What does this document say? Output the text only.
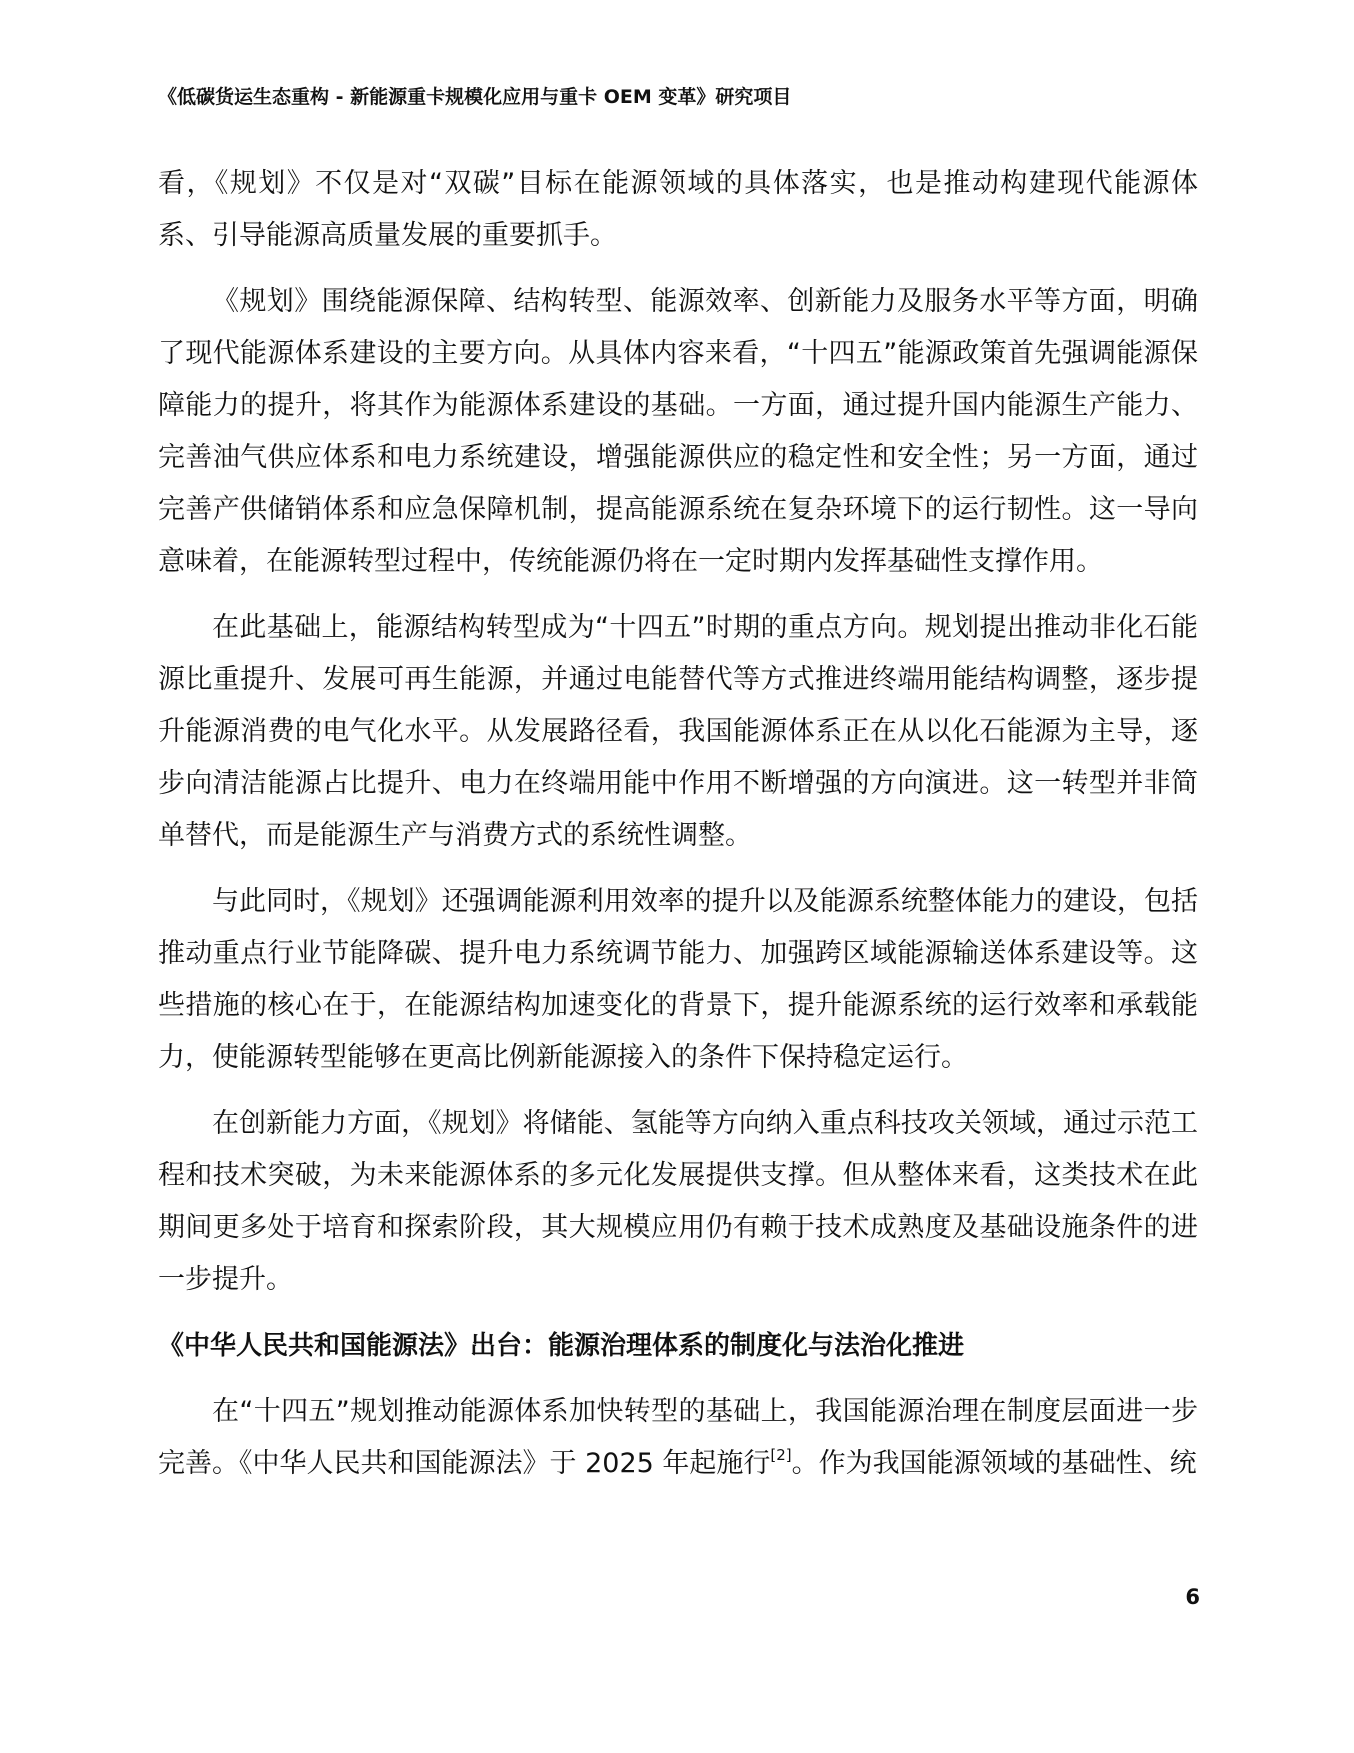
《低碳货运生态重构 - 新能源重卡规模化应用与重卡 OEM 变革》研究项目

看，《规划》不仅是对“双碳”目标在能源领域的具体落实，也是推动构建现代能源体系、引导能源高质量发展的重要抓手。

《规划》围绕能源保障、结构转型、能源效率、创新能力及服务水平等方面，明确了现代能源体系建设的主要方向。从具体内容来看，“十四五”能源政策首先强调能源保障能力的提升，将其作为能源体系建设的基础。一方面，通过提升国内能源生产能力、完善油气供应体系和电力系统建设，增强能源供应的稳定性和安全性；另一方面，通过完善产供储销体系和应急保障机制，提高能源系统在复杂环境下的运行韧性。这一导向意味着，在能源转型过程中，传统能源仍将在一定时期内发挥基础性支撑作用。

在此基础上，能源结构转型成为“十四五”时期的重点方向。规划提出推动非化石能源比重提升、发展可再生能源，并通过电能替代等方式推进终端用能结构调整，逐步提升能源消费的电气化水平。从发展路径看，我国能源体系正在从以化石能源为主导，逐步向清洁能源占比提升、电力在终端用能中作用不断增强的方向演进。这一转型并非简单替代，而是能源生产与消费方式的系统性调整。

与此同时，《规划》还强调能源利用效率的提升以及能源系统整体能力的建设，包括推动重点行业节能降碳、提升电力系统调节能力、加强跨区域能源输送体系建设等。这些措施的核心在于，在能源结构加速变化的背景下，提升能源系统的运行效率和承载能力，使能源转型能够在更高比例新能源接入的条件下保持稳定运行。

在创新能力方面，《规划》将储能、氢能等方向纳入重点科技攻关领域，通过示范工程和技术突破，为未来能源体系的多元化发展提供支撑。但从整体来看，这类技术在此期间更多处于培育和探索阶段，其大规模应用仍有赖于技术成熟度及基础设施条件的进一步提升。

《中华人民共和国能源法》出台：能源治理体系的制度化与法治化推进

在“十四五”规划推动能源体系加快转型的基础上，我国能源治理在制度层面进一步完善。《中华人民共和国能源法》于 2025 年起施行[2]。作为我国能源领域的基础性、统

6
